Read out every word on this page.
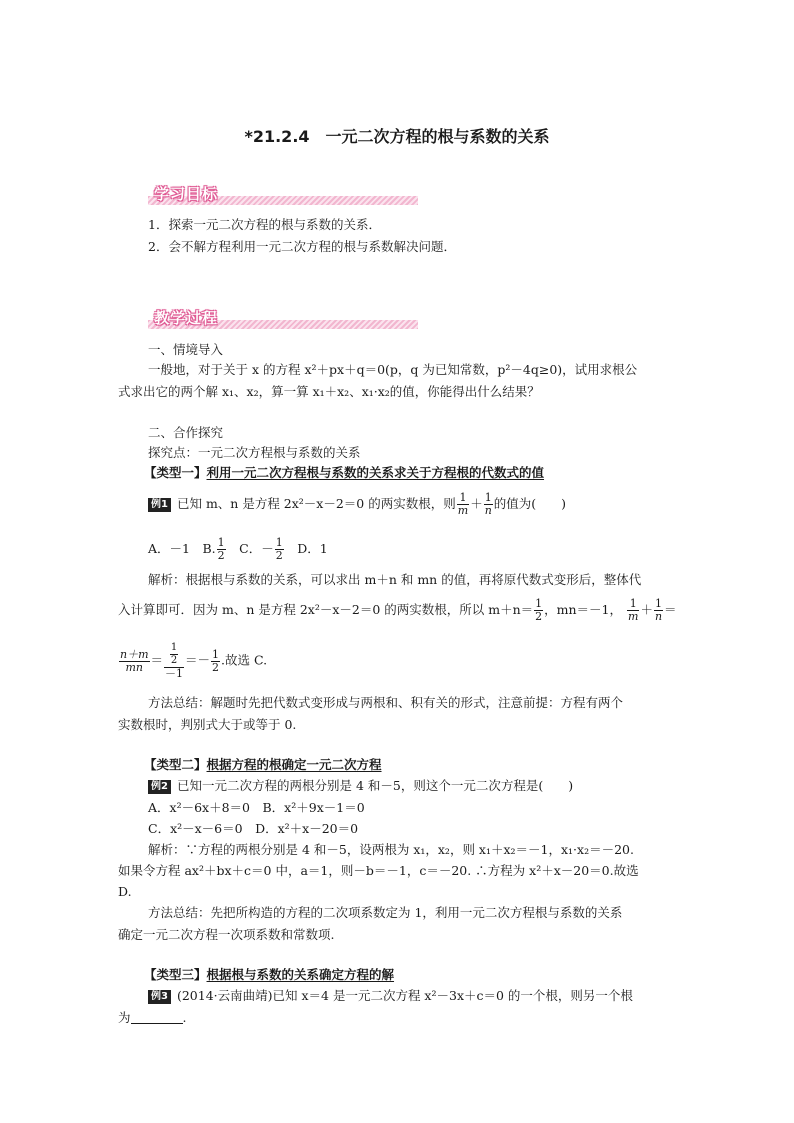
*21.2.4　一元二次方程的根与系数的关系
学习目标
1．探索一元二次方程的根与系数的关系．
2．会不解方程利用一元二次方程的根与系数解决问题．
教学过程
一、情境导入
一般地，对于关于 x 的方程 x²＋px＋q＝0(p，q 为已知常数，p²－4q≥0)，试用求根公
式求出它的两个解 x₁、x₂，算一算 x₁＋x₂、x₁·x₂的值，你能得出什么结果？
二、合作探究
探究点：一元二次方程根与系数的关系
【类型一】利用一元二次方程根与系数的关系求关于方程根的代数式的值
例1 已知 m、n 是方程 2x²－x－2＝0 的两实数根，则 $\frac{1}{m} + \frac{1}{n}$ 的值为(　　)
A．－1　B. $\frac{1}{2}$ 　C．－ $\frac{1}{2}$ 　D．1
解析：根据根与系数的关系，可以求出 m＋n 和 mn 的值，再将原代数式变形后，整体代
入计算即可．因为 m、n 是方程 2x²－x－2＝0 的两实数根，所以 $m+n= \frac{1}{2}$ ，mn＝－1， $\frac{1}{m} + \frac{1}{n}$ ＝
$\frac{n+m}{mn} = \frac{\frac{1}{2}}{-1} =- \frac{1}{2}$ .故选 C.
方法总结：解题时先把代数式变形成与两根和、积有关的形式，注意前提：方程有两个
实数根时，判别式大于或等于 0.
【类型二】根据方程的根确定一元二次方程
例2 已知一元二次方程的两根分别是 4 和－5，则这个一元二次方程是(　　)
A．x²－6x＋8＝0　B．x²＋9x－1＝0
C．x²－x－6＝0　D．x²＋x－20＝0
解析：∵方程的两根分别是 4 和－5，设两根为 x₁，x₂，则 x₁＋x₂＝－1，x₁·x₂＝－20.
如果令方程 ax²＋bx＋c＝0 中，a＝1，则－b＝－1，c＝－20. ∴方程为 x²＋x－20＝0.故选
D.
方法总结：先把所构造的方程的二次项系数定为 1，利用一元二次方程根与系数的关系
确定一元二次方程一次项系数和常数项.
【类型三】根据根与系数的关系确定方程的解
例3 (2014·云南曲靖)已知 x＝4 是一元二次方程 x²－3x＋c＝0 的一个根，则另一个根
为	.
